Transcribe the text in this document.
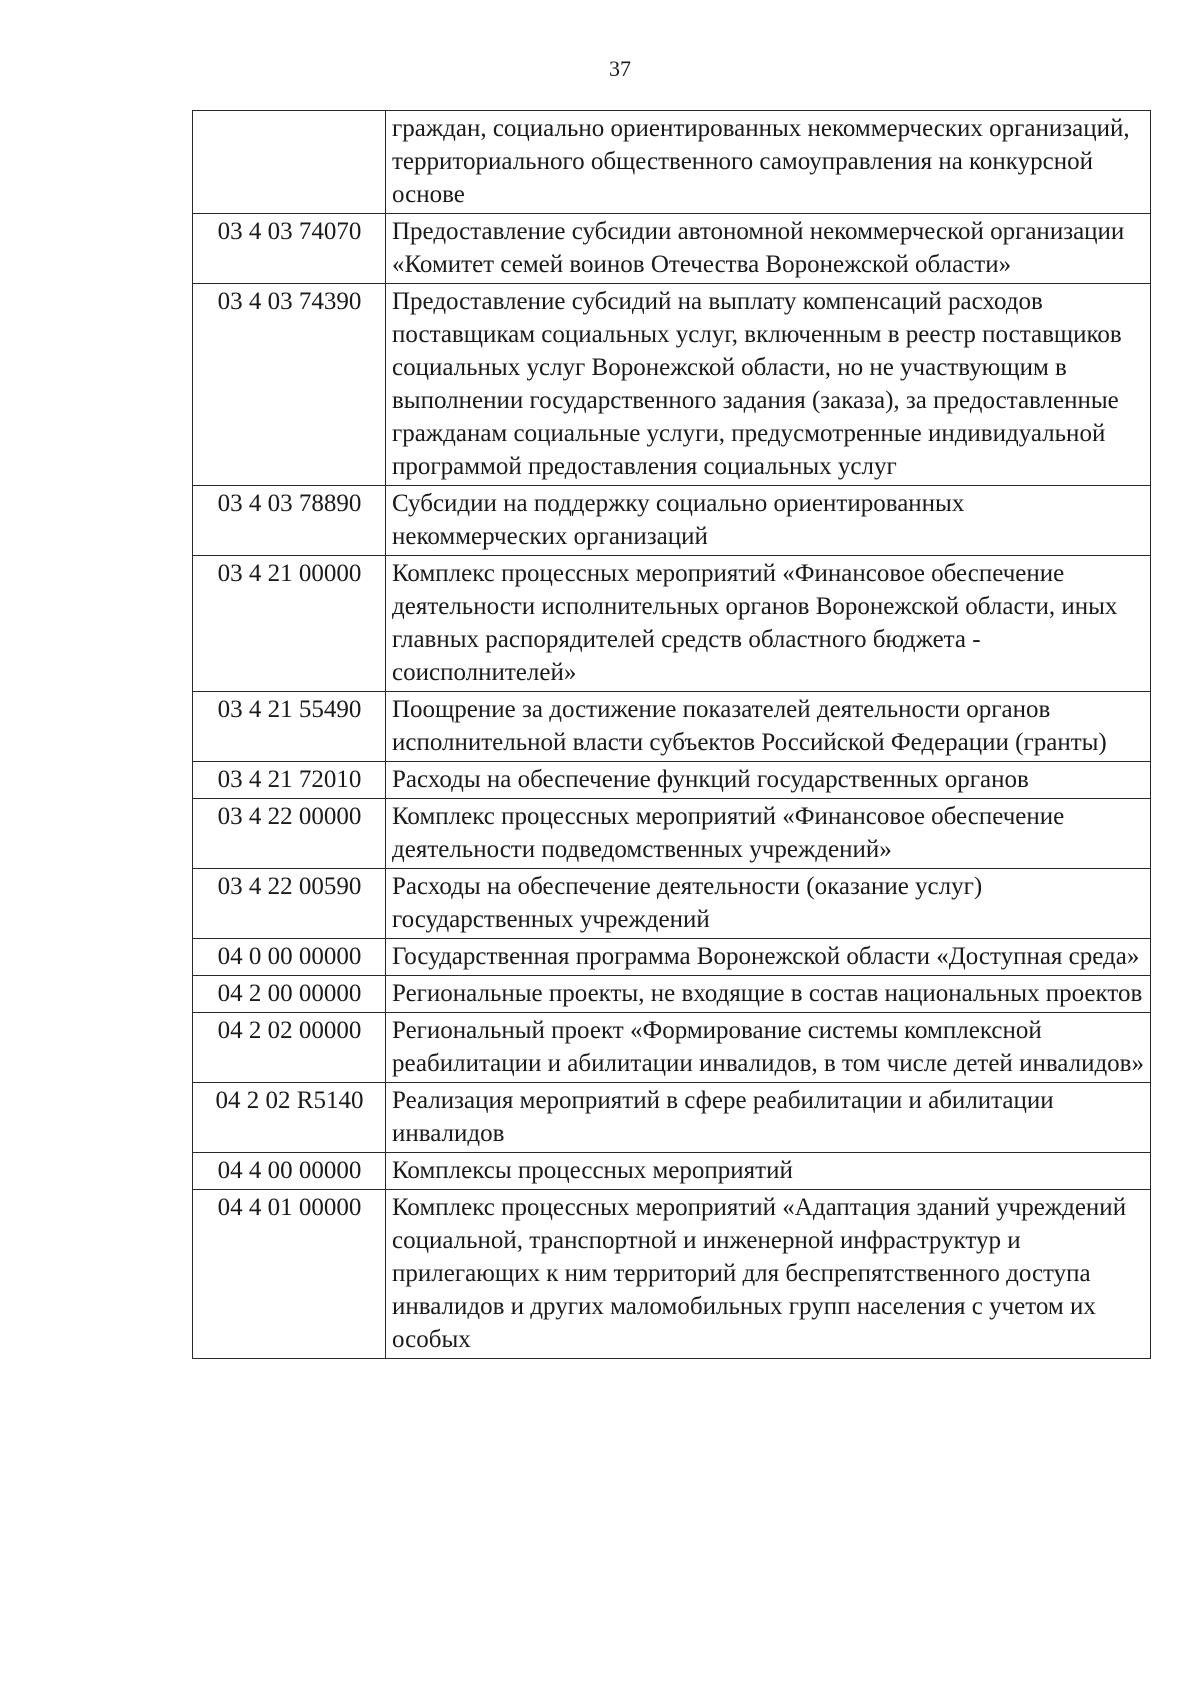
37
	граждан, социально ориентированных некоммерческих организаций, территориального общественного самоуправления на конкурсной основе
03 4 03 74070	Предоставление субсидии автономной некоммерческой организации «Комитет семей воинов Отечества Воронежской области»
03 4 03 74390	Предоставление субсидий на выплату компенсаций расходов поставщикам социальных услуг, включенным в реестр поставщиков социальных услуг Воронежской области, но не участвующим в выполнении государственного задания (заказа), за предоставленные гражданам социальные услуги, предусмотренные индивидуальной программой предоставления социальных услуг
03 4 03 78890	Субсидии на поддержку социально ориентированных некоммерческих организаций
03 4 21 00000	Комплекс процессных мероприятий «Финансовое обеспечение деятельности исполнительных органов Воронежской области, иных главных распорядителей средств областного бюджета - соисполнителей»
03 4 21 55490	Поощрение за достижение показателей деятельности органов исполнительной власти субъектов Российской Федерации (гранты)
03 4 21 72010	Расходы на обеспечение функций государственных органов
03 4 22 00000	Комплекс процессных мероприятий «Финансовое обеспечение деятельности подведомственных учреждений»
03 4 22 00590	Расходы на обеспечение деятельности (оказание услуг) государственных учреждений
04 0 00 00000	Государственная программа Воронежской области «Доступная среда»
04 2 00 00000	Региональные проекты, не входящие в состав национальных проектов
04 2 02 00000	Региональный проект «Формирование системы комплексной реабилитации и абилитации инвалидов, в том числе детей инвалидов»
04 2 02 R5140	Реализация мероприятий в сфере реабилитации и абилитации инвалидов
04 4 00 00000	Комплексы процессных мероприятий
04 4 01 00000	Комплекс процессных мероприятий «Адаптация зданий учреждений социальной, транспортной и инженерной инфраструктур и прилегающих к ним территорий для беспрепятственного доступа инвалидов и других маломобильных групп населения с учетом их особых
